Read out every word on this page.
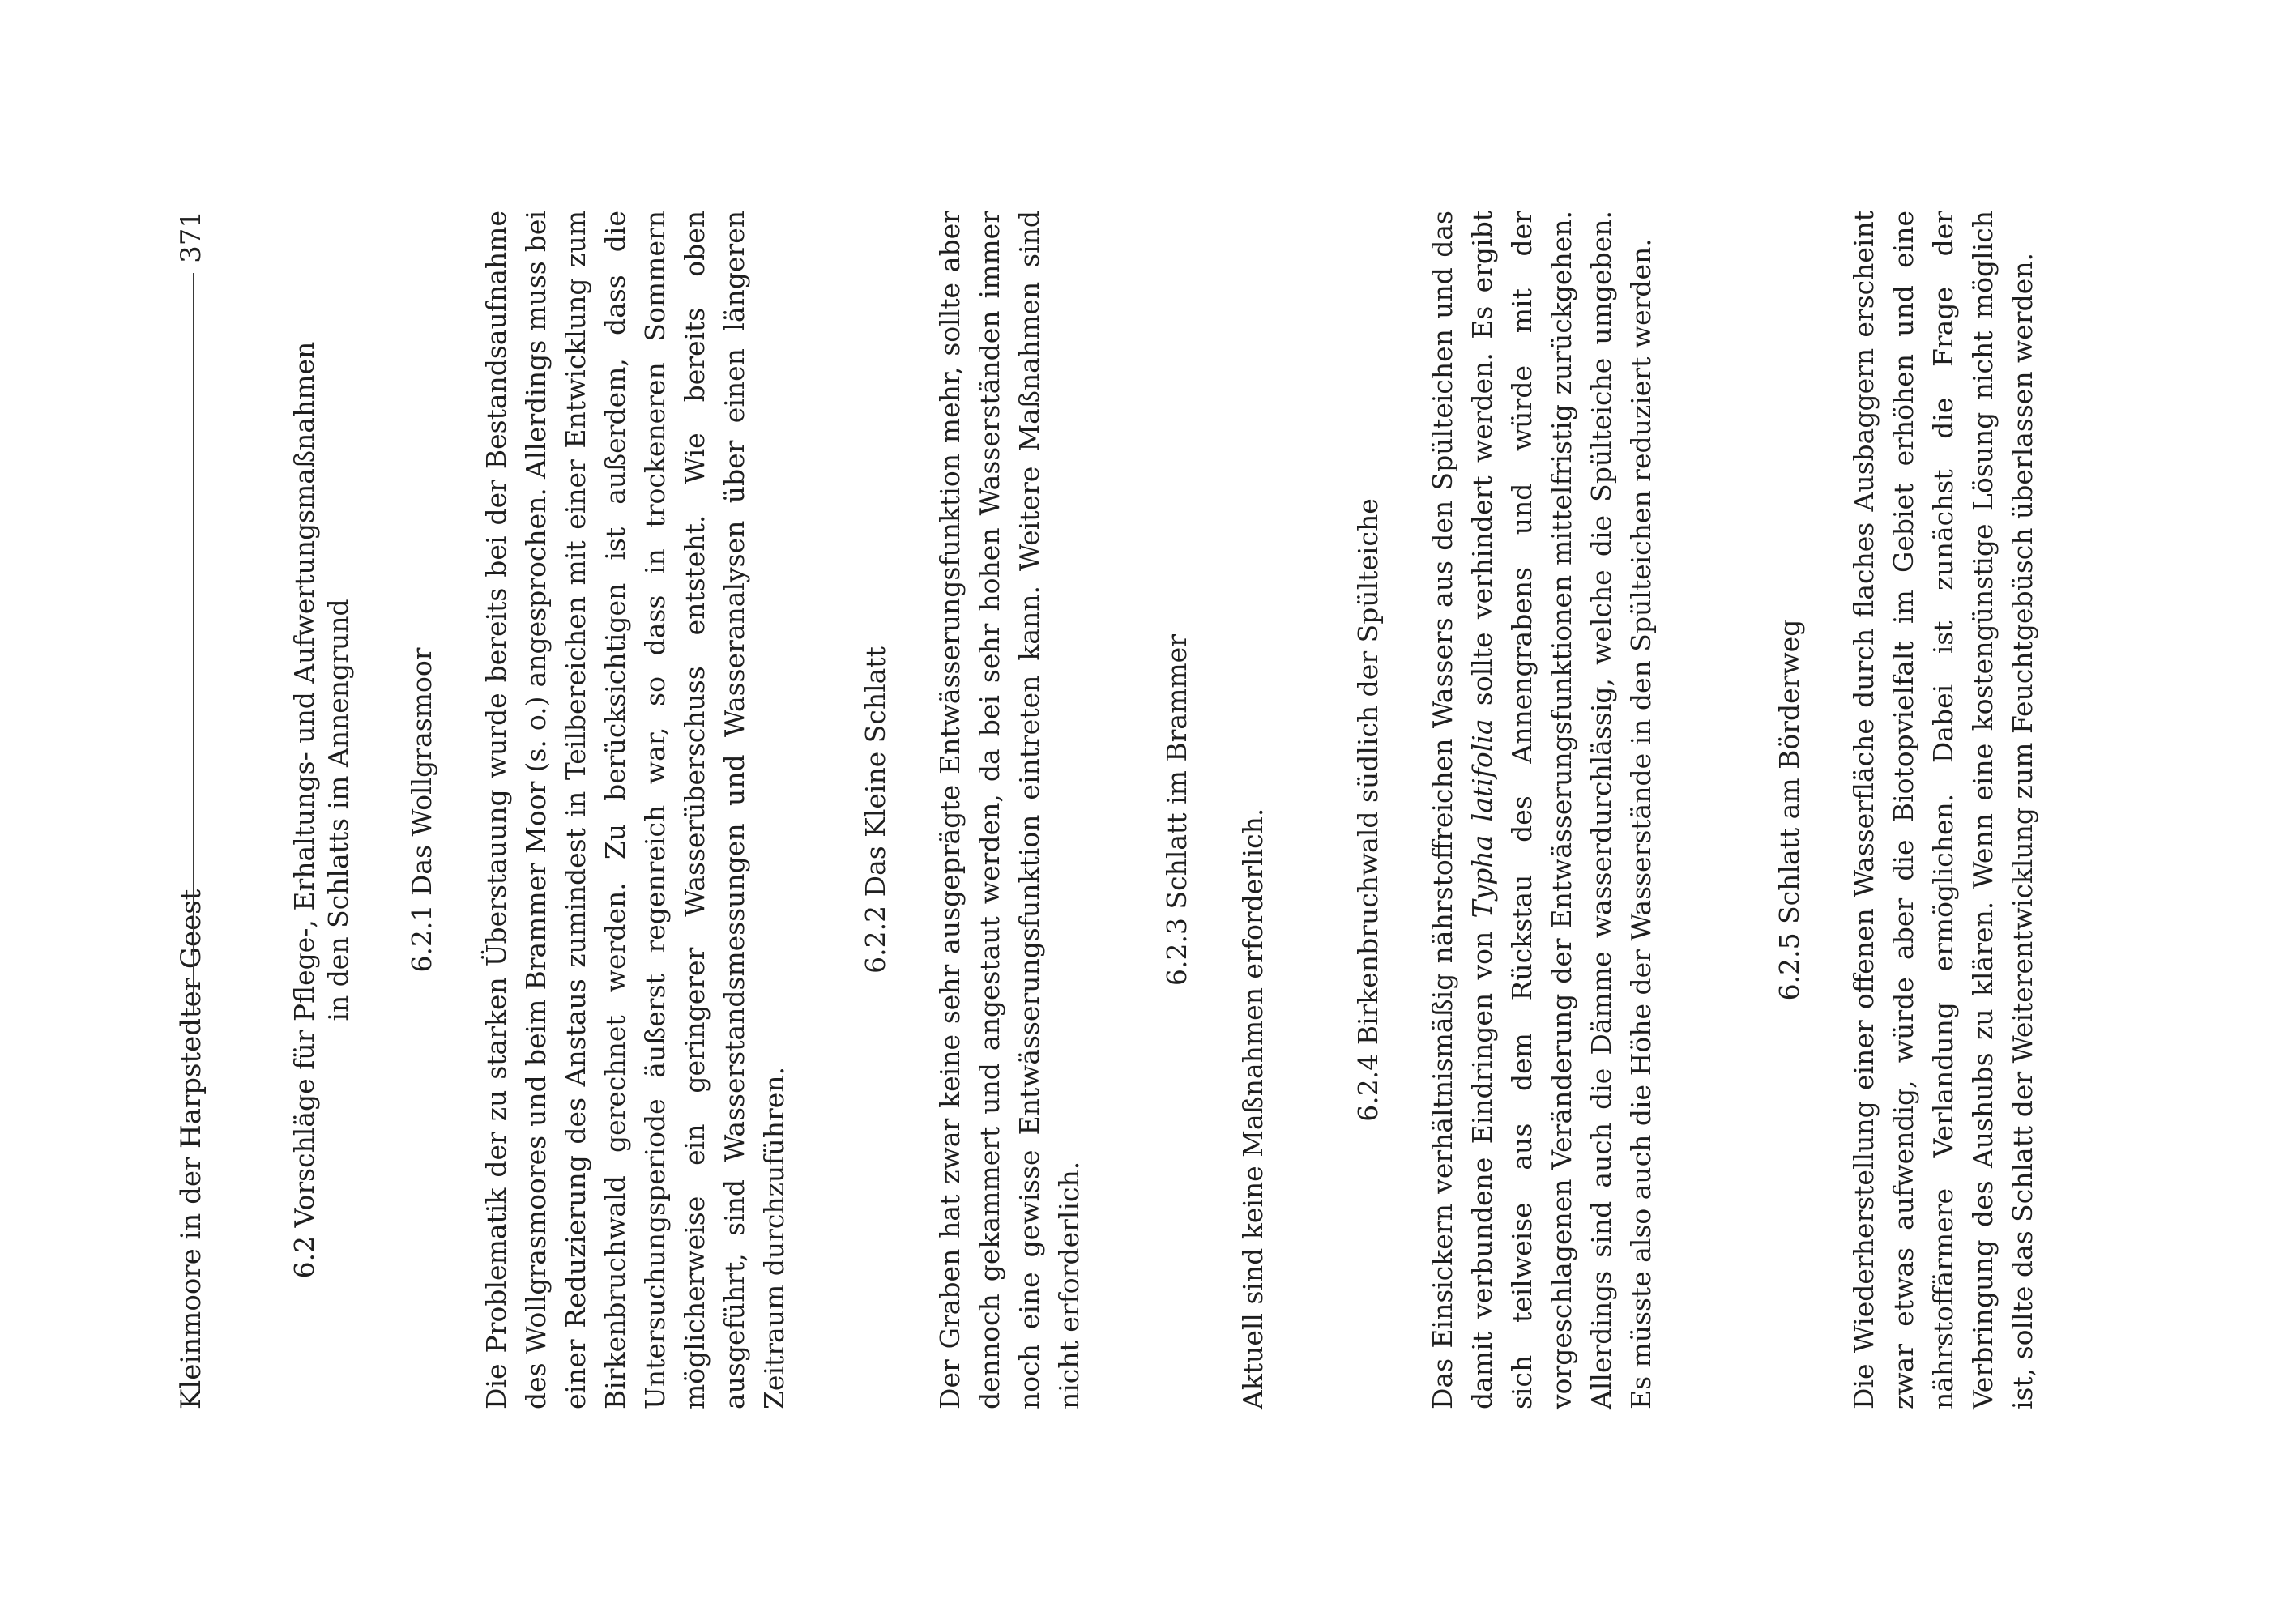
Kleinmoore in der Harpstedter Geest
371
6.2 Vorschläge für Pflege-, Erhaltungs- und Aufwertungsmaßnahmen
in den Schlatts im Annengrund 6.2.1 Das Wollgrasmoor Die Problematik der zu starken Überstauung wurde bereits bei der Bestandsaufnahme des Wollgrasmoores und beim Brammer Moor (s. o.) angesprochen. Allerdings muss bei einer Reduzierung des Anstaus zumindest in Teilbereichen mit einer Entwicklung zum Birkenbruchwald gerechnet werden. Zu berücksichtigen ist außerdem, dass die Untersuchungsperiode äußerst regenreich war, so dass in trockeneren Sommern möglicherweise ein geringerer Wasserüberschuss entsteht. Wie bereits oben ausgeführt, sind Wasserstandsmessungen und Wasseranalysen über einen längeren Zeitraum durchzuführen.

6.2.2 Das Kleine Schlatt Der Graben hat zwar keine sehr ausgeprägte Entwässerungsfunktion mehr, sollte aber dennoch gekammert und angestaut werden, da bei sehr hohen Wasserständen immer noch eine gewisse Entwässerungsfunktion eintreten kann. Weitere Maßnahmen sind nicht erforderlich.

6.2.3 Schlatt im Brammer Aktuell sind keine Maßnahmen erforderlich.	6.2.4 Birkenbruchwald südlich der Spülteiche Das Einsickern verhältnismäßig nährstoffreichen Wassers aus den Spülteichen und das damit verbundene Eindringen von Typha latifolia sollte verhindert werden. Es ergibt sich teilweise aus dem Rückstau des Annengrabens und würde mit der vorgeschlagenen Veränderung der Entwässerungsfunktionen mittelfristig zurückgehen. Allerdings sind auch die Dämme wasserdurchlässig, welche die Spülteiche umgeben. Es müsste also auch die Höhe der Wasserstände in den Spülteichen reduziert werden.	6.2.5 Schlatt am Börderweg Die Wiederherstellung einer offenen Wasserfläche durch flaches Ausbaggern erscheint zwar etwas aufwendig, würde aber die Biotopvielfalt im Gebiet erhöhen und eine nährstoffärmere Verlandung ermöglichen. Dabei ist zunächst die Frage der Verbringung des Aushubs zu klären. Wenn eine kostengünstige Lösung nicht möglich ist, sollte das Schlatt der Weiterentwicklung zum Feuchtgebüsch überlassen werden.
